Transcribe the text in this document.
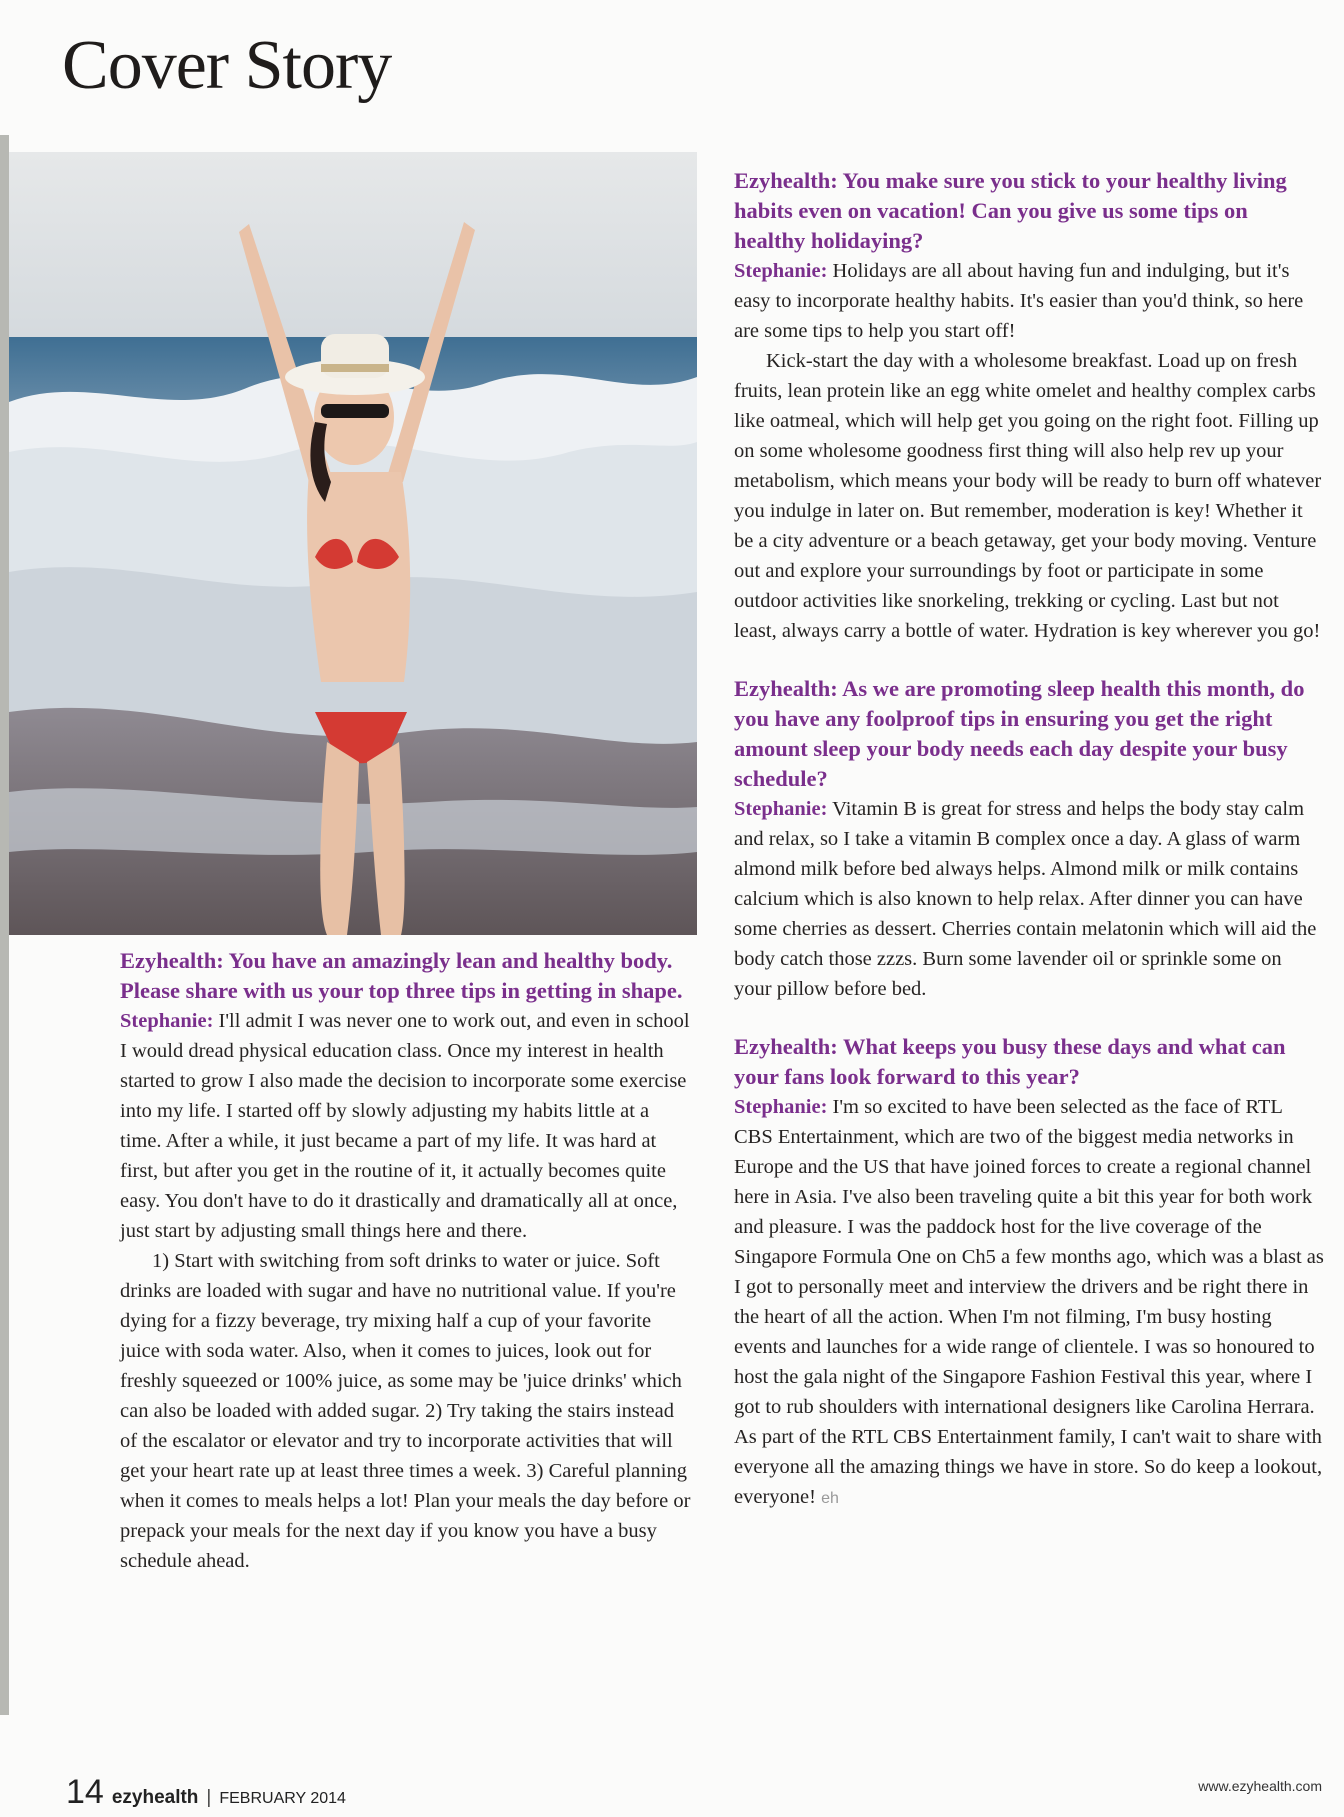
Cover Story

Ezyhealth: You have an amazingly lean and healthy body. Please share with us your top three tips in getting in shape.

Stephanie: I'll admit I was never one to work out, and even in school I would dread physical education class. Once my interest in health started to grow I also made the decision to incorporate some exercise into my life. I started off by slowly adjusting my habits little at a time. After a while, it just became a part of my life. It was hard at first, but after you get in the routine of it, it actually becomes quite easy. You don't have to do it drastically and dramatically all at once, just start by adjusting small things here and there.

1) Start with switching from soft drinks to water or juice. Soft drinks are loaded with sugar and have no nutritional value. If you're dying for a fizzy beverage, try mixing half a cup of your favorite juice with soda water. Also, when it comes to juices, look out for freshly squeezed or 100% juice, as some may be 'juice drinks' which can also be loaded with added sugar. 2) Try taking the stairs instead of the escalator or elevator and try to incorporate activities that will get your heart rate up at least three times a week. 3) Careful planning when it comes to meals helps a lot! Plan your meals the day before or prepack your meals for the next day if you know you have a busy schedule ahead.

Ezyhealth: You make sure you stick to your healthy living habits even on vacation! Can you give us some tips on healthy holidaying?

Stephanie: Holidays are all about having fun and indulging, but it's easy to incorporate healthy habits. It's easier than you'd think, so here are some tips to help you start off!

Kick-start the day with a wholesome breakfast. Load up on fresh fruits, lean protein like an egg white omelet and healthy complex carbs like oatmeal, which will help get you going on the right foot. Filling up on some wholesome goodness first thing will also help rev up your metabolism, which means your body will be ready to burn off whatever you indulge in later on. But remember, moderation is key! Whether it be a city adventure or a beach getaway, get your body moving. Venture out and explore your surroundings by foot or participate in some outdoor activities like snorkeling, trekking or cycling. Last but not least, always carry a bottle of water. Hydration is key wherever you go!

Ezyhealth: As we are promoting sleep health this month, do you have any foolproof tips in ensuring you get the right amount sleep your body needs each day despite your busy schedule?

Stephanie: Vitamin B is great for stress and helps the body stay calm and relax, so I take a vitamin B complex once a day. A glass of warm almond milk before bed always helps. Almond milk or milk contains calcium which is also known to help relax. After dinner you can have some cherries as dessert. Cherries contain melatonin which will aid the body catch those zzzs. Burn some lavender oil or sprinkle some on your pillow before bed.

Ezyhealth: What keeps you busy these days and what can your fans look forward to this year?

Stephanie: I'm so excited to have been selected as the face of RTL CBS Entertainment, which are two of the biggest media networks in Europe and the US that have joined forces to create a regional channel here in Asia. I've also been traveling quite a bit this year for both work and pleasure. I was the paddock host for the live coverage of the Singapore Formula One on Ch5 a few months ago, which was a blast as I got to personally meet and interview the drivers and be right there in the heart of all the action. When I'm not filming, I'm busy hosting events and launches for a wide range of clientele. I was so honoured to host the gala night of the Singapore Fashion Festival this year, where I got to rub shoulders with international designers like Carolina Herrara. As part of the RTL CBS Entertainment family, I can't wait to share with everyone all the amazing things we have in store. So do keep a lookout, everyone! eh

14 ezyhealth | FEBRUARY 2014
www.ezyhealth.com
